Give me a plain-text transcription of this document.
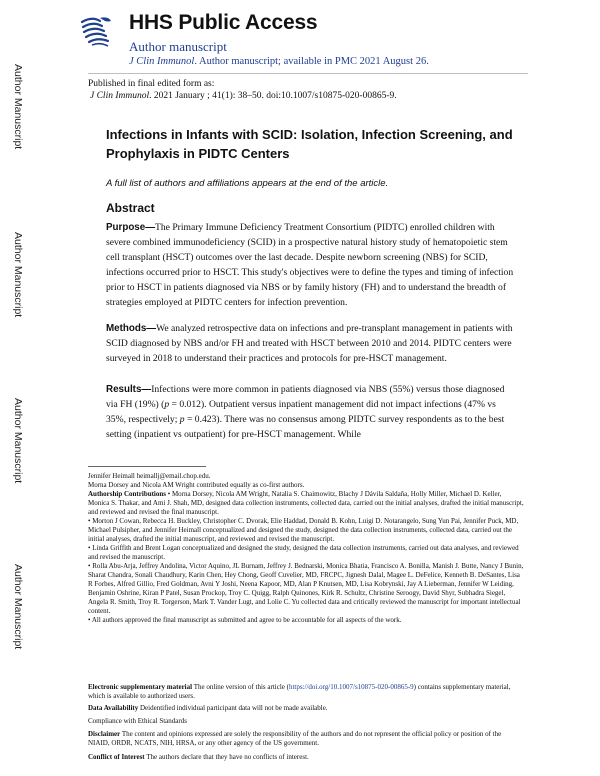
Author Manuscript
Author Manuscript
Author Manuscript
Author Manuscript
HHS Public Access
Author manuscript
J Clin Immunol. Author manuscript; available in PMC 2021 August 26.
Published in final edited form as:
J Clin Immunol. 2021 January ; 41(1): 38–50. doi:10.1007/s10875-020-00865-9.
Infections in Infants with SCID: Isolation, Infection Screening, and Prophylaxis in PIDTC Centers
A full list of authors and affiliations appears at the end of the article.
Abstract
Purpose—The Primary Immune Deficiency Treatment Consortium (PIDTC) enrolled children with severe combined immunodeficiency (SCID) in a prospective natural history study of hematopoietic stem cell transplant (HSCT) outcomes over the last decade. Despite newborn screening (NBS) for SCID, infections occurred prior to HSCT. This study's objectives were to define the types and timing of infection prior to HSCT in patients diagnosed via NBS or by family history (FH) and to understand the breadth of strategies employed at PIDTC centers for infection prevention.
Methods—We analyzed retrospective data on infections and pre-transplant management in patients with SCID diagnosed by NBS and/or FH and treated with HSCT between 2010 and 2014. PIDTC centers were surveyed in 2018 to understand their practices and protocols for pre-HSCT management.
Results—Infections were more common in patients diagnosed via NBS (55%) versus those diagnosed via FH (19%) (p = 0.012). Outpatient versus inpatient management did not impact infections (47% vs 35%, respectively; p = 0.423). There was no consensus among PIDTC survey respondents as to the best setting (inpatient vs outpatient) for pre-HSCT management. While
Jennifer Heimall heimallj@email.chop.edu.
Morna Dorsey and Nicola AM Wright contributed equally as co-first authors.
Authorship Contributions • Morna Dorsey, Nicola AM Wright, Natalia S. Chaimowitz, Blachy J Dávila Saldaña, Holly Miller, Michael D. Keller, Monica S. Thakar, and Ami J. Shah, MD, designed data collection instruments, collected data, carried out the initial analyses, drafted the initial manuscript, and reviewed and revised the final manuscript.
• Morton J Cowan, Rebecca H. Buckley, Christopher C. Dvorak, Elie Haddad, Donald B. Kohn, Luigi D. Notarangelo, Sung Yun Pai, Jennifer Puck, MD, Michael Pulsipher, and Jennifer Heimall conceptualized and designed the study, designed the data collection instruments, collected data, carried out the initial analyses, drafted the initial manuscript, and reviewed and revised the manuscript.
• Linda Griffith and Brent Logan conceptualized and designed the study, designed the data collection instruments, carried out data analyses, and reviewed and revised the manuscript.
• Rolla Abu-Arja, Jeffrey Andolina, Victor Aquino, JL Burnam, Jeffrey J. Bednarski, Monica Bhatia, Francisco A. Bonilla, Manish J. Butte, Nancy J Bunin, Sharat Chandra, Sonali Chaudhury, Karin Chen, Hey Chong, Geoff Cuvelier, MD, FRCPC, Jignesh Dalal, Magee L. DeFelice, Kenneth B. DeSantes, Lisa R Forbes, Alfred Gillio, Fred Goldman, Avni Y Joshi, Neena Kapoor, MD, Alan P Knutsen, MD, Lisa Kobrynski, Jay A Lieberman, Jennifer W Leiding, Benjamin Oshrine, Kiran P Patel, Susan Prockop, Troy C. Quigg, Ralph Quinones, Kirk R. Schultz, Christine Seroogy, David Shyr, Subhadra Siegel, Angela R. Smith, Troy R. Torgerson, Mark T. Vander Lugt, and Lolie C. Yu collected data and critically reviewed the manuscript for important intellectual content.
• All authors approved the final manuscript as submitted and agree to be accountable for all aspects of the work.
Electronic supplementary material The online version of this article (https://doi.org/10.1007/s10875-020-00865-9) contains supplementary material, which is available to authorized users.
Data Availability Deidentified individual participant data will not be made available.
Compliance with Ethical Standards
Disclaimer The content and opinions expressed are solely the responsibility of the authors and do not represent the official policy or position of the NIAID, ORDR, NCATS, NIH, HRSA, or any other agency of the US government.
Conflict of Interest The authors declare that they have no conflicts of interest.
